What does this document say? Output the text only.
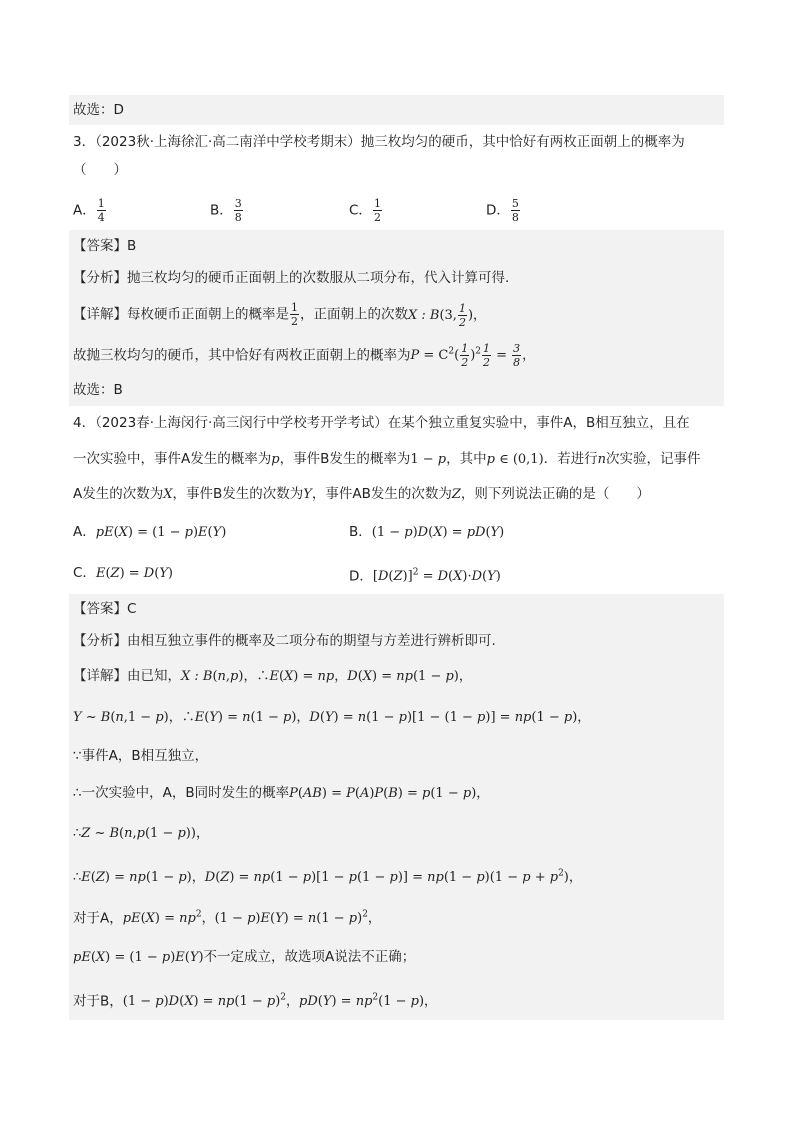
故选：D
3．（2023秋·上海徐汇·高二南洋中学校考期末）抛三枚均匀的硬币，其中恰好有两枚正面朝上的概率为
（　　）
A． $\frac{1}{4}$	B． $\frac{3}{8}$	C． $\frac{1}{2}$	D． $\frac{5}{8}$
【答案】B
【分析】抛三枚均匀的硬币正面朝上的次数服从二项分布，代入计算可得.
【详解】每枚硬币正面朝上的概率是 $\frac{1}{2}$ ，正面朝上的次数X : B(3, $\frac{1}{2}$ )，
故抛三枚均匀的硬币，其中恰好有两枚正面朝上的概率为$P = C^2( \frac{1}{2} )^2 \frac{1}{2} = \frac{3}{8}$ ，
故选：B
4．（2023春·上海闵行·高三闵行中学校考开学考试）在某个独立重复实验中，事件A，B相互独立，且在
一次实验中，事件A发生的概率为p，事件B发生的概率为1 − p，其中p ∈ (0,1)．若进行n次实验，记事件
A发生的次数为X，事件B发生的次数为Y，事件AB发生的次数为Z，则下列说法正确的是（　　）
A．pE(X) = (1 − p)E(Y)	B．(1 − p)D(X) = pD(Y)
C．E(Z) = D(Y)	D．$[D(Z)]^2 = D(X)\cdot D(Y)$
【答案】C
【分析】由相互独立事件的概率及二项分布的期望与方差进行辨析即可.
【详解】由已知，X : B(n,p)，∴E(X) = np，D(X) = np(1 − p)，
Y ~ B(n,1 − p)，∴E(Y) = n(1 − p)，D(Y) = n(1 − p)[1 − (1 − p)] = np(1 − p)，
∵事件A，B相互独立，
∴一次实验中，A，B同时发生的概率P(AB) = P(A)P(B) = p(1 − p)，
∴Z ~ B(n,p(1 − p))，
∴E(Z) = np(1 − p)，$D(Z) = np(1 - p)[1 - p(1 - p)] = np(1 - p)(1 - p + p^2)$，
对于A，$pE(X) = np^2$，$(1 - p)E(Y) = n(1 - p)^2$，
pE(X) = (1 − p)E(Y)不一定成立，故选项A说法不正确；
对于B，$(1 - p)D(X) = np(1 - p)^2$，$pD(Y) = np^2(1 - p)$，
